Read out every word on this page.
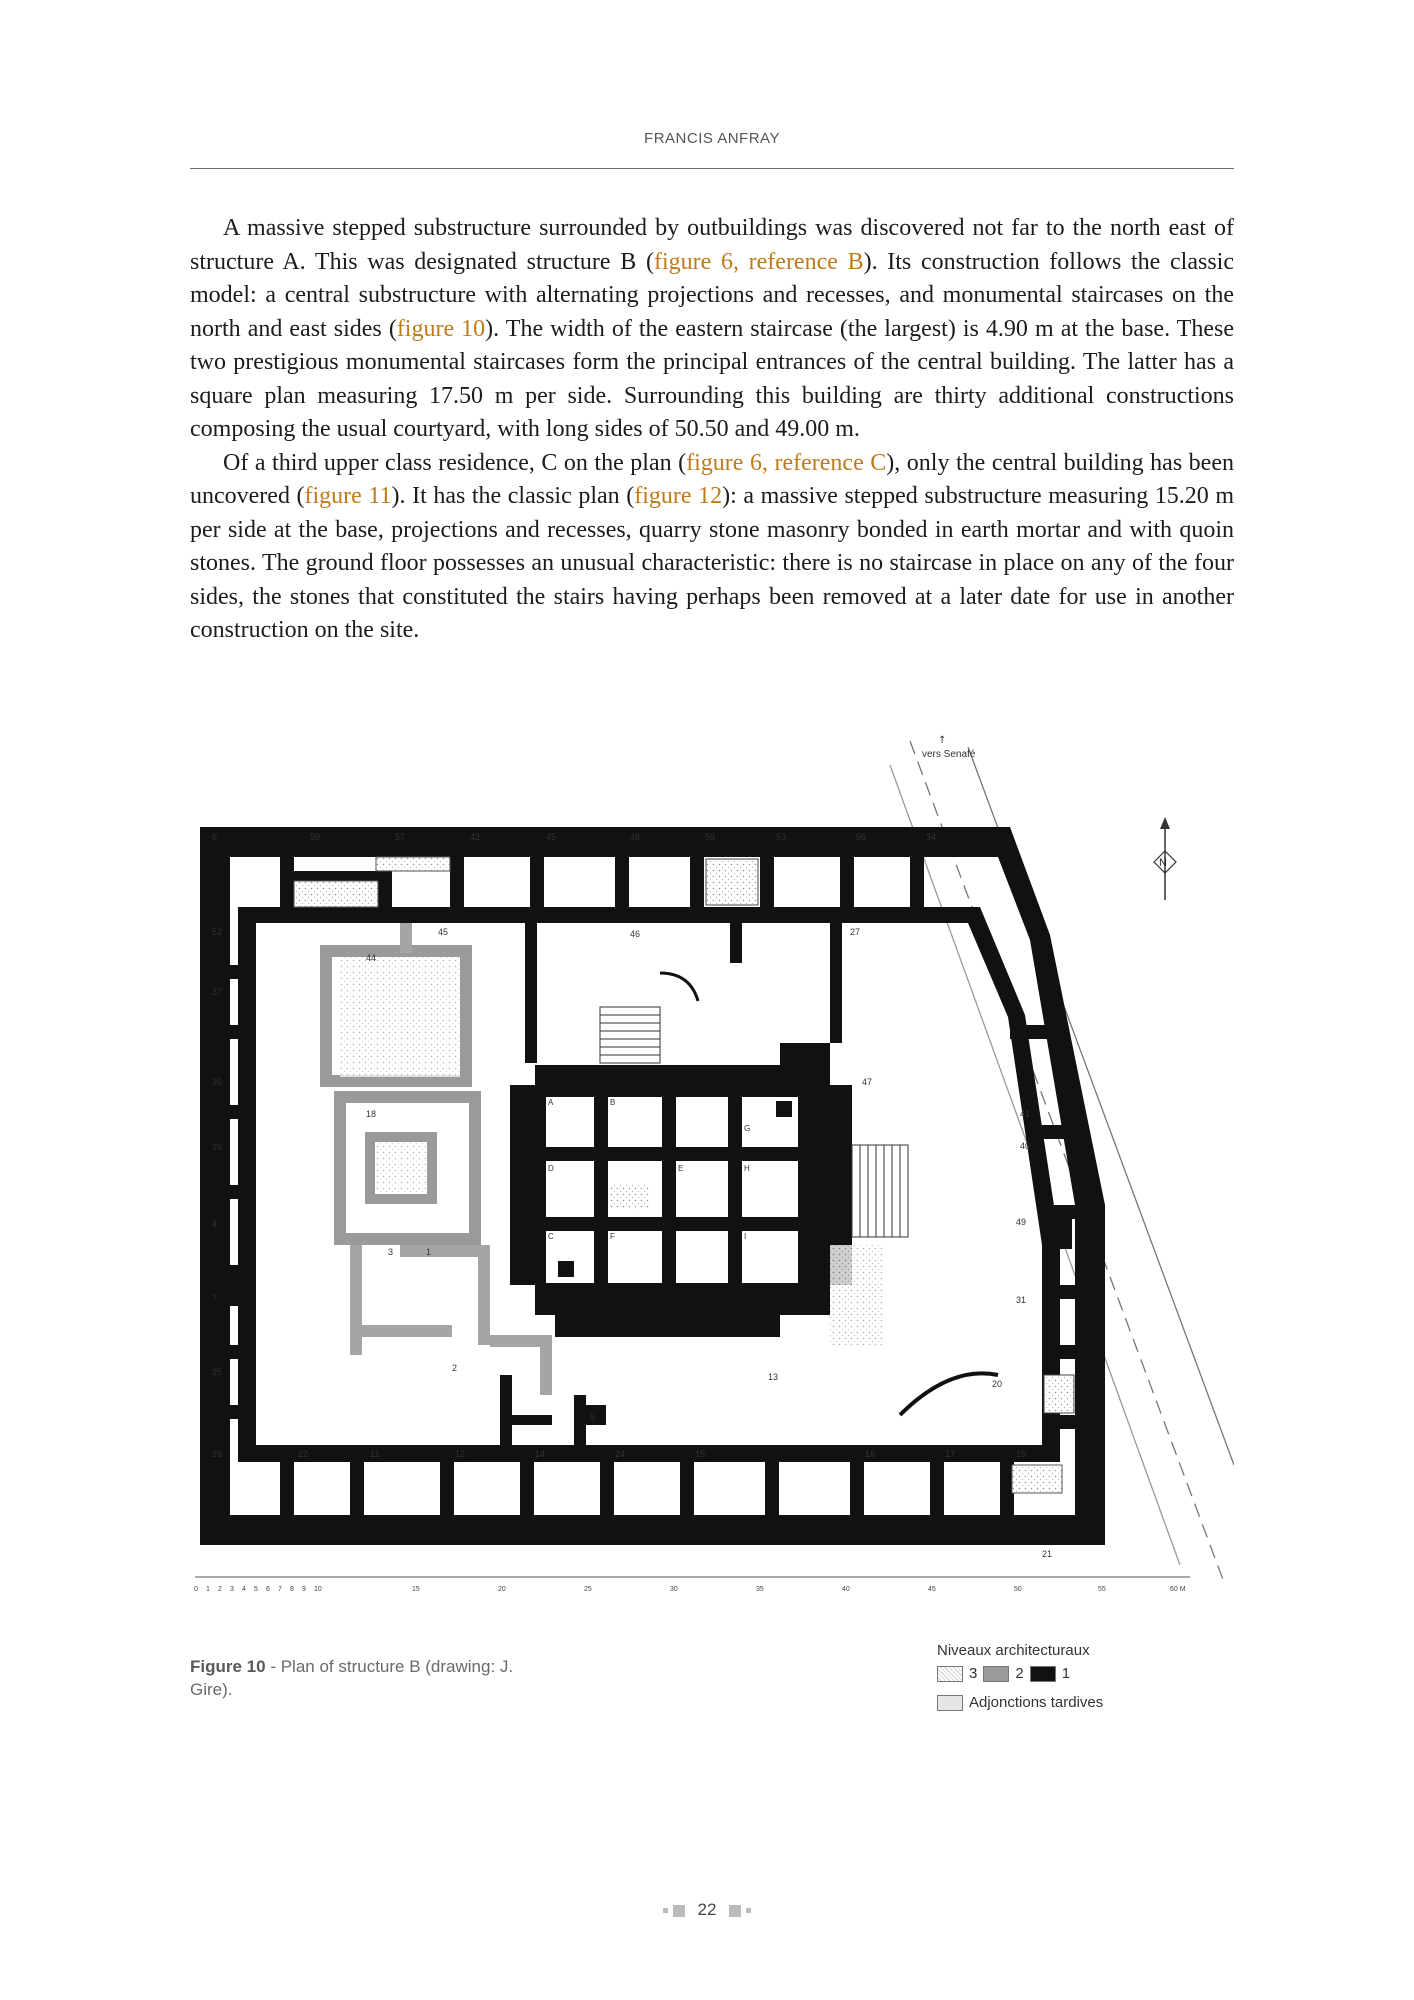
FRANCIS ANFRAY

A massive stepped substructure surrounded by outbuildings was discovered not far to the north east of structure A. This was designated structure B (figure 6, reference B). Its construction follows the classic model: a central substructure with alternating projections and recesses, and monumental staircases on the north and east sides (figure 10). The width of the eastern staircase (the largest) is 4.90 m at the base. These two prestigious monumental staircases form the principal entrances of the central building. The latter has a square plan measuring 17.50 m per side. Surrounding this building are thirty additional constructions composing the usual courtyard, with long sides of 50.50 and 49.00 m.

Of a third upper class residence, C on the plan (figure 6, reference C), only the central building has been uncovered (figure 11). It has the classic plan (figure 12): a massive stepped substructure measuring 15.20 m per side at the base, projections and recesses, quarry stone masonry bonded in earth mortar and with quoin stones. The ground floor possesses an unusual characteristic: there is no staircase in place on any of the four sides, the stones that constituted the stairs having perhaps been removed at a later date for use in another construction on the site.

vers Senafé
↑
N
6	59	57	42	45	48	58	53	56	34
52	45
44
46	27
37
35	47
18
29
4
3	1
7
41
40
49
31
25	2
20
5
13
26	22	11	12	14	24	15	16	17	15
21
A	B
C
D	E
F
G
H
I
0 1 2 3 4 5 6 7 8 9 10	15	20	25	30	35	40	45	50	55	60 M
Figure 10 - Plan of structure B (drawing: J. Gire).
Niveaux architecturaux
3	2	1
Adjonctions tardives
22
